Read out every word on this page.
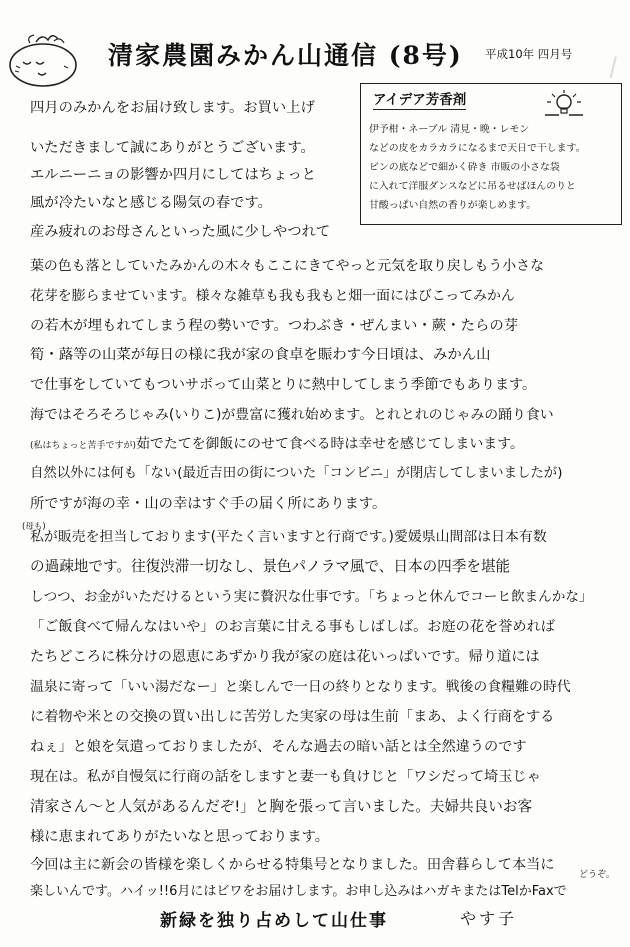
清家農園みかん山通信 (8号) 平成10年 四月号
アイデア芳香剤
伊予柑・ネーブル 清見・晩・レモン
などの皮をカラカラになるまで天日で干します。
ビンの底などで細かく砕き 市販の小さな袋
に入れて洋服ダンスなどに吊るせばほんのりと
甘酸っぱい自然の香りが楽しめます。
四月のみかんをお届け致します。お買い上げ
いただきまして誠にありがとうございます。
エルニーニョの影響か四月にしてはちょっと
風が冷たいなと感じる陽気の春です。
産み疲れのお母さんといった風に少しやつれて
葉の色も落としていたみかんの木々もここにきてやっと元気を取り戻しもう小さな
花芽を膨らませています。様々な雑草も我も我もと畑一面にはびこってみかん
の若木が埋もれてしまう程の勢いです。つわぶき・ぜんまい・蕨・たらの芽
筍・蕗等の山菜が毎日の様に我が家の食卓を賑わす今日頃は、みかん山
で仕事をしていてもついサボって山菜とりに熱中してしまう季節でもあります。
海ではそろそろじゃみ(いりこ)が豊富に獲れ始めます。とれとれのじゃみの踊り食い
(私はちょっと苦手ですが)茹でたてを御飯にのせて食べる時は幸せを感じてしまいます。
自然以外には何も「ない(最近吉田の街についた「コンビニ」が閉店してしまいましたが)
所ですが海の幸・山の幸はすぐ手の届く所にあります。
(母も)
私が販売を担当しております(平たく言いますと行商です。)愛媛県山間部は日本有数
の過疎地です。往復渋滞一切なし、景色パノラマ風で、日本の四季を堪能
しつつ、お金がいただけるという実に贅沢な仕事です。「ちょっと休んでコーヒ飲まんかな」
「ご飯食べて帰んなはいや」のお言葉に甘える事もしばしば。お庭の花を誉めれば
たちどころに株分けの恩恵にあずかり我が家の庭は花いっぱいです。帰り道には
温泉に寄って「いい湯だなー」と楽しんで一日の終りとなります。戦後の食糧難の時代
に着物や米との交換の買い出しに苦労した実家の母は生前「まあ、よく行商をする
ねぇ」と娘を気遣っておりましたが、そんな過去の暗い話とは全然違うのです
現在は。私が自慢気に行商の話をしますと妻一も負けじと「ワシだって埼玉じゃ
清家さん〜と人気があるんだぞ!」と胸を張って言いました。夫婦共良いお客
様に恵まれてありがたいなと思っております。
今回は主に新会の皆様を楽しくからせる特集号となりました。田舎暮らして本当に
楽しいんです。ハイッ!!6月にはビワをお届けします。お申し込みはハガキまたはTelかFaxで
どうぞ。
新緑を独り占めして山仕事	やす子
